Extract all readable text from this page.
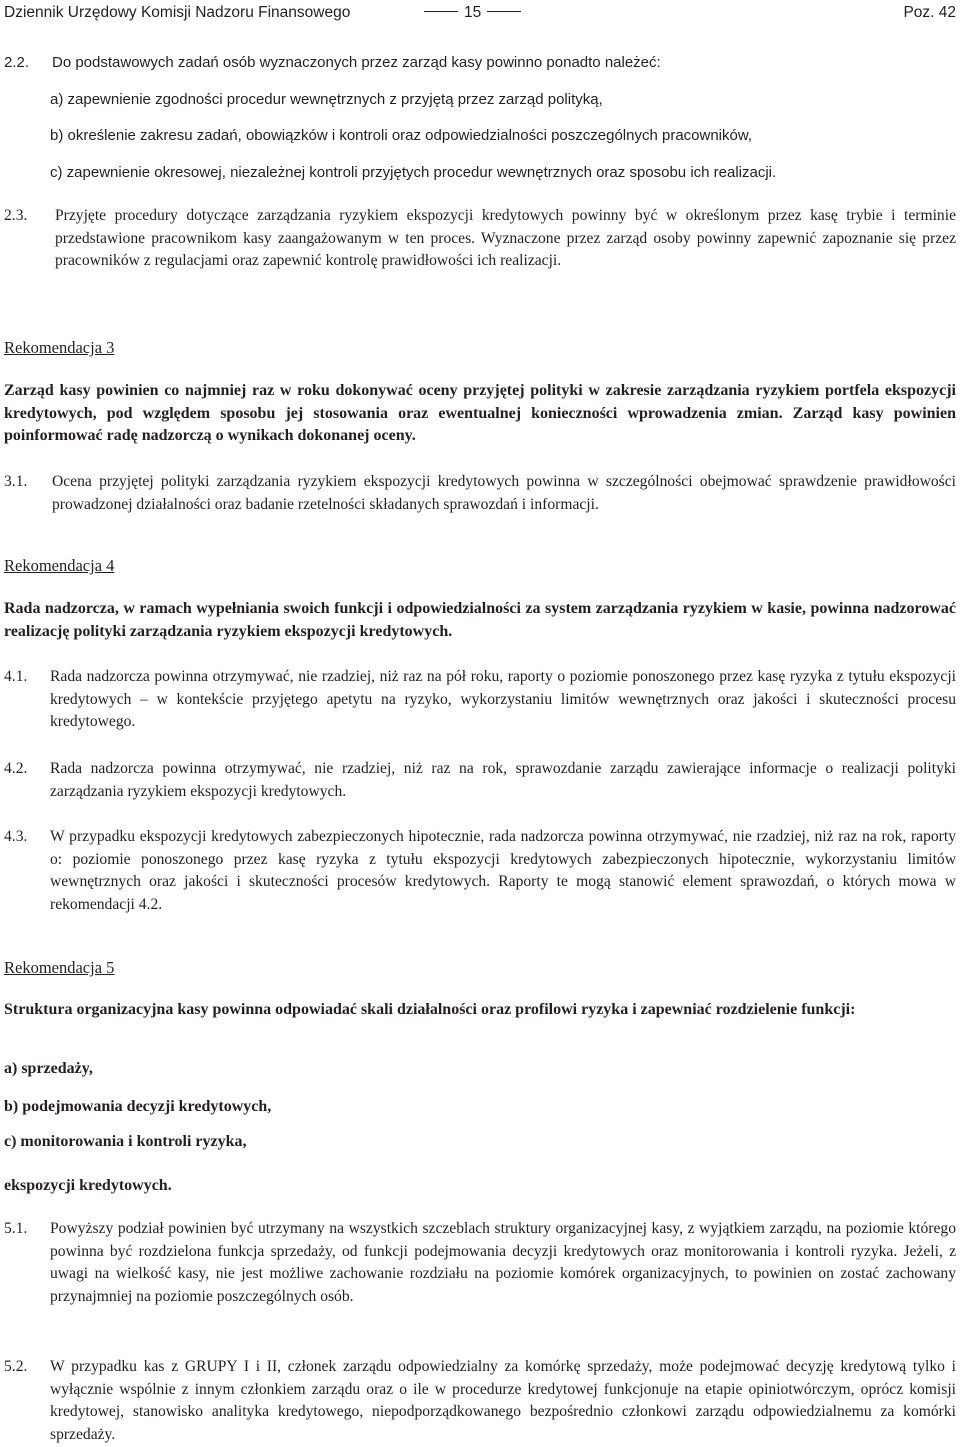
Dziennik Urzędowy Komisji Nadzoru Finansowego	15	Poz. 42
2.2. Do podstawowych zadań osób wyznaczonych przez zarząd kasy powinno ponadto należeć:
a) zapewnienie zgodności procedur wewnętrznych z przyjętą przez zarząd polityką,
b) określenie zakresu zadań, obowiązków i kontroli oraz odpowiedzialności poszczególnych pracowników,
c) zapewnienie okresowej, niezależnej kontroli przyjętych procedur wewnętrznych oraz sposobu ich realizacji.
2.3. Przyjęte procedury dotyczące zarządzania ryzykiem ekspozycji kredytowych powinny być w określonym przez kasę trybie i terminie przedstawione pracownikom kasy zaangażowanym w ten proces. Wyznaczone przez zarząd osoby powinny zapewnić zapoznanie się przez pracowników z regulacjami oraz zapewnić kontrolę prawidłowości ich realizacji.
Rekomendacja 3
Zarząd kasy powinien co najmniej raz w roku dokonywać oceny przyjętej polityki w zakresie zarządzania ryzykiem portfela ekspozycji kredytowych, pod względem sposobu jej stosowania oraz ewentualnej konieczności wprowadzenia zmian. Zarząd kasy powinien poinformować radę nadzorczą o wynikach dokonanej oceny.
3.1. Ocena przyjętej polityki zarządzania ryzykiem ekspozycji kredytowych powinna w szczególności obejmować sprawdzenie prawidłowości prowadzonej działalności oraz badanie rzetelności składanych sprawozdań i informacji.
Rekomendacja 4
Rada nadzorcza, w ramach wypełniania swoich funkcji i odpowiedzialności za system zarządzania ryzykiem w kasie, powinna nadzorować realizację polityki zarządzania ryzykiem ekspozycji kredytowych.
4.1. Rada nadzorcza powinna otrzymywać, nie rzadziej, niż raz na pół roku, raporty o poziomie ponoszonego przez kasę ryzyka z tytułu ekspozycji kredytowych – w kontekście przyjętego apetytu na ryzyko, wykorzystaniu limitów wewnętrznych oraz jakości i skuteczności procesu kredytowego.
4.2. Rada nadzorcza powinna otrzymywać, nie rzadziej, niż raz na rok, sprawozdanie zarządu zawierające informacje o realizacji polityki zarządzania ryzykiem ekspozycji kredytowych.
4.3. W przypadku ekspozycji kredytowych zabezpieczonych hipotecznie, rada nadzorcza powinna otrzymywać, nie rzadziej, niż raz na rok, raporty o: poziomie ponoszonego przez kasę ryzyka z tytułu ekspozycji kredytowych zabezpieczonych hipotecznie, wykorzystaniu limitów wewnętrznych oraz jakości i skuteczności procesów kredytowych. Raporty te mogą stanowić element sprawozdań, o których mowa w rekomendacji 4.2.
Rekomendacja 5
Struktura organizacyjna kasy powinna odpowiadać skali działalności oraz profilowi ryzyka i zapewniać rozdzielenie funkcji:
a) sprzedaży,
b) podejmowania decyzji kredytowych,
c) monitorowania i kontroli ryzyka,
ekspozycji kredytowych.
5.1. Powyższy podział powinien być utrzymany na wszystkich szczeblach struktury organizacyjnej kasy, z wyjątkiem zarządu, na poziomie którego powinna być rozdzielona funkcja sprzedaży, od funkcji podejmowania decyzji kredytowych oraz monitorowania i kontroli ryzyka. Jeżeli, z uwagi na wielkość kasy, nie jest możliwe zachowanie rozdziału na poziomie komórek organizacyjnych, to powinien on zostać zachowany przynajmniej na poziomie poszczególnych osób.
5.2. W przypadku kas z GRUPY I i II, członek zarządu odpowiedzialny za komórkę sprzedaży, może podejmować decyzję kredytową tylko i wyłącznie wspólnie z innym członkiem zarządu oraz o ile w procedurze kredytowej funkcjonuje na etapie opiniotwórczym, oprócz komisji kredytowej, stanowisko analityka kredytowego, niepodporządkowanego bezpośrednio członkowi zarządu odpowiedzialnemu za komórki sprzedaży.
